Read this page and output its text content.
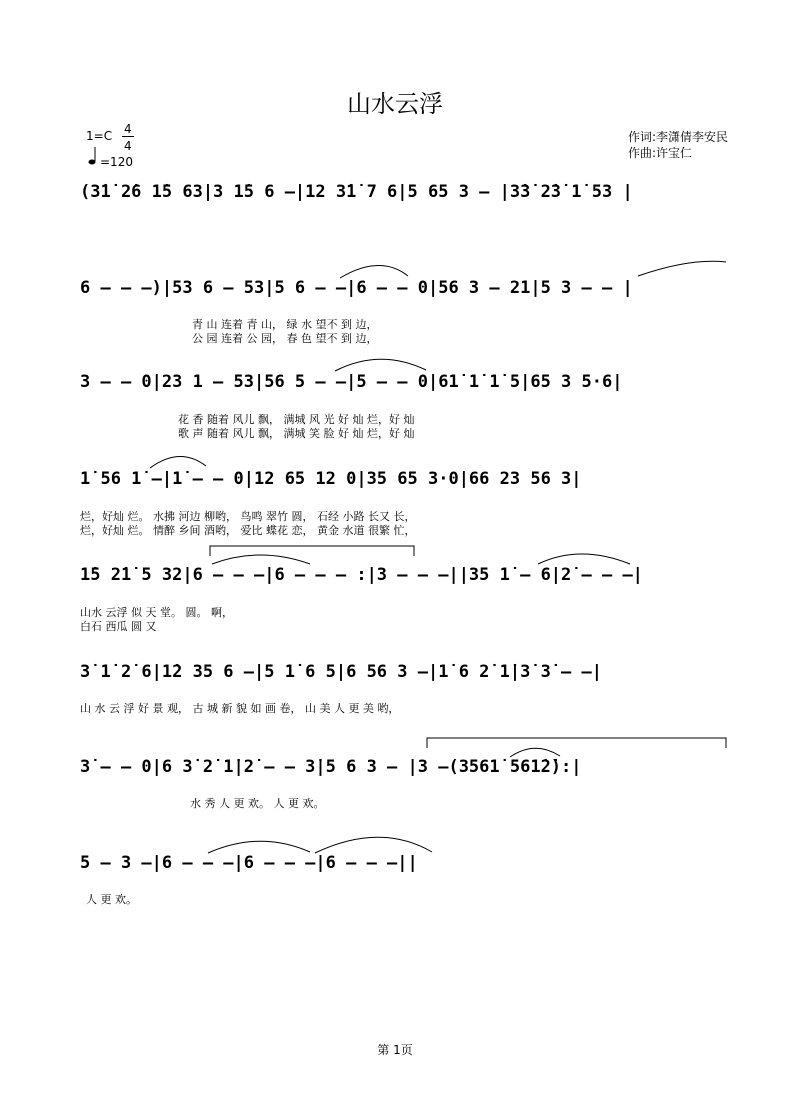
山水云浮
1=C 4
4
=120
作词:李潇倩李安民
作曲:许宝仁
(3̇1̇ 2̇6 1̇5 63|3 1̇5 6 –|12 3̇1̇ 7 6|5 65 3 – |3̇3̇ 2̇3̇ 1̇ 53 |
6 – – –)|53 6 – 53|5 6 – –|6 – – 0|56 3 – 21|5 3 – – |
青 山 连着 青 山， 绿 水 望不 到 边，
公 园 连着 公 园， 春 色 望不 到 边，
3 – – 0|23 1 – 53|56 5 – –|5 – – 0|61̇ 1̇ 1̇ 5|65 3 5·6|
花 香 随着 风儿 飘， 满城 风 光 好 灿 烂，好 灿
歌 声 随着 风儿 飘， 满城 笑 脸 好 灿 烂，好 灿
1̇ 56 1̇ –|1̇ – – 0|12 65 12 0|35 65 3·0|66 23 56 3|
烂，好灿 烂。 水拂 河边 柳哟， 鸟鸣 翠竹 圆， 石经 小路 长又 长，
烂，好灿 烂。 情醉 乡间 酒哟， 爱比 蝶花 恋， 黄金 水道 很繁 忙，
1̇5 2̇1̇ 5 32|6 – – –|6 – – – :|3 – – –||35 1̇ – 6|2̇ – – –|
山水 云浮 似 天 堂。 圆。 啊，
白石 西瓜 圆 又
3̇ 1̇ 2̇ 6|1̇2 35 6 –|5 1̇ 6 5|6 56 3 –|1̇ 6 2̇ 1̇|3̇ 3̇ – –|
山 水 云 浮 好 景 观， 古 城 新 貌 如 画 卷， 山 美 人 更 美 哟，
3̇ – – 0|6 3̇ 2̇ 1̇|2̇ – – 3̇|5 6 3 – |3 –(3561̇ 561̇2̇):|
水 秀 人 更 欢。 人 更 欢。
5 – 3 –|6 – – –|6 – – –|6 – – –||
人 更 欢。
第 1页
